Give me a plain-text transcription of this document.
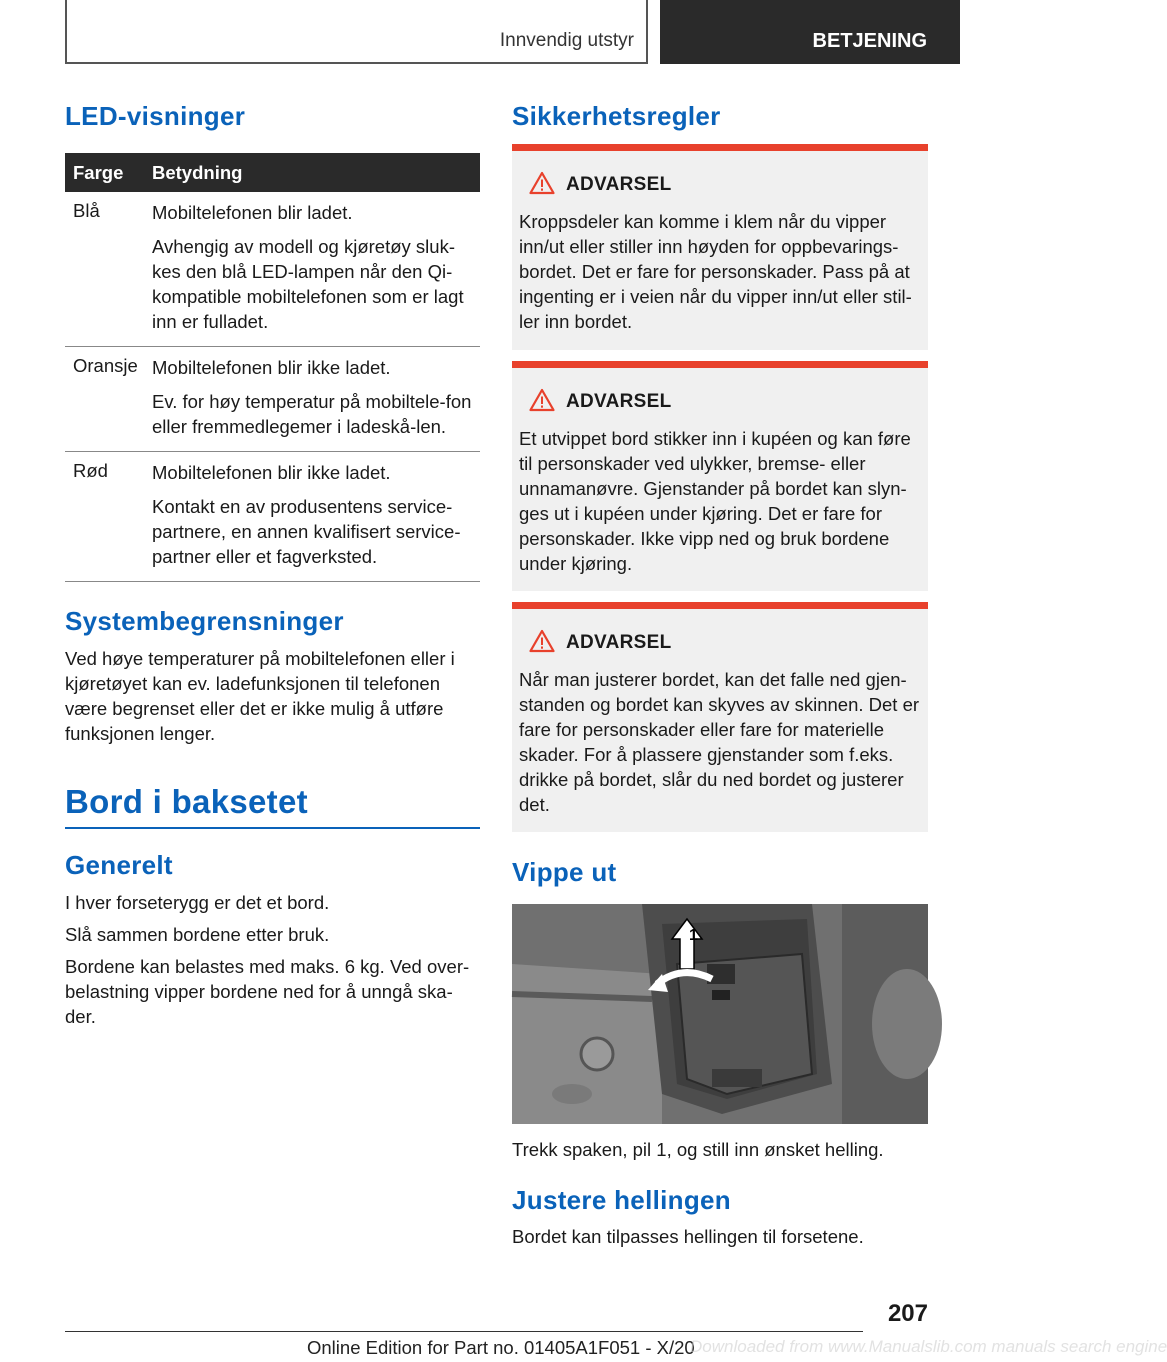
Innvendig utstyr	BETJENING
LED-visninger
Farge Betydning
Blå	Mobiltelefonen blir ladet.

Avhengig av modell og kjøretøy sluk-kes den blå LED-lampen når den Qi-kompatible mobiltelefonen som er lagt inn er fulladet.

Oransje Mobiltelefonen blir ikke ladet.

Ev. for høy temperatur på mobiltele-fon eller fremmedlegemer i ladeskå-len.

Rød Mobiltelefonen blir ikke ladet.

Kontakt en av produsentens service-partnere, en annen kvalifisert service-partner eller et fagverksted.

Systembegrensninger

Ved høye temperaturer på mobiltelefonen eller i kjøretøyet kan ev. ladefunksjonen til telefonen være begrenset eller det er ikke mulig å utføre funksjonen lenger.

Bord i baksetet
Generelt

I hver forseterygg er det et bord.

Slå sammen bordene etter bruk.

Bordene kan belastes med maks. 6 kg. Ved over-belastning vipper bordene ned for å unngå ska-der.

Sikkerhetsregler
ADVARSEL

Kroppsdeler kan komme i klem når du vipper inn/ut eller stiller inn høyden for oppbevarings-bordet. Det er fare for personskader. Pass på at ingenting er i veien når du vipper inn/ut eller stil-ler inn bordet.

ADVARSEL

Et utvippet bord stikker inn i kupéen og kan føre til personskader ved ulykker, bremse- eller unnamanøvre. Gjenstander på bordet kan slyn-ges ut i kupéen under kjøring. Det er fare for personskader. Ikke vipp ned og bruk bordene under kjøring.

ADVARSEL

Når man justerer bordet, kan det falle ned gjen-standen og bordet kan skyves av skinnen. Det er fare for personskader eller fare for materielle skader. For å plassere gjenstander som f.eks. drikke på bordet, slår du ned bordet og justerer det.

Vippe ut
1

Trekk spaken, pil 1, og still inn ønsket helling.

Justere hellingen

Bordet kan tilpasses hellingen til forsetene.

207
Online Edition for Part no. 01405A1F051 - X/20
Downloaded from www.Manualslib.com manuals search engine
